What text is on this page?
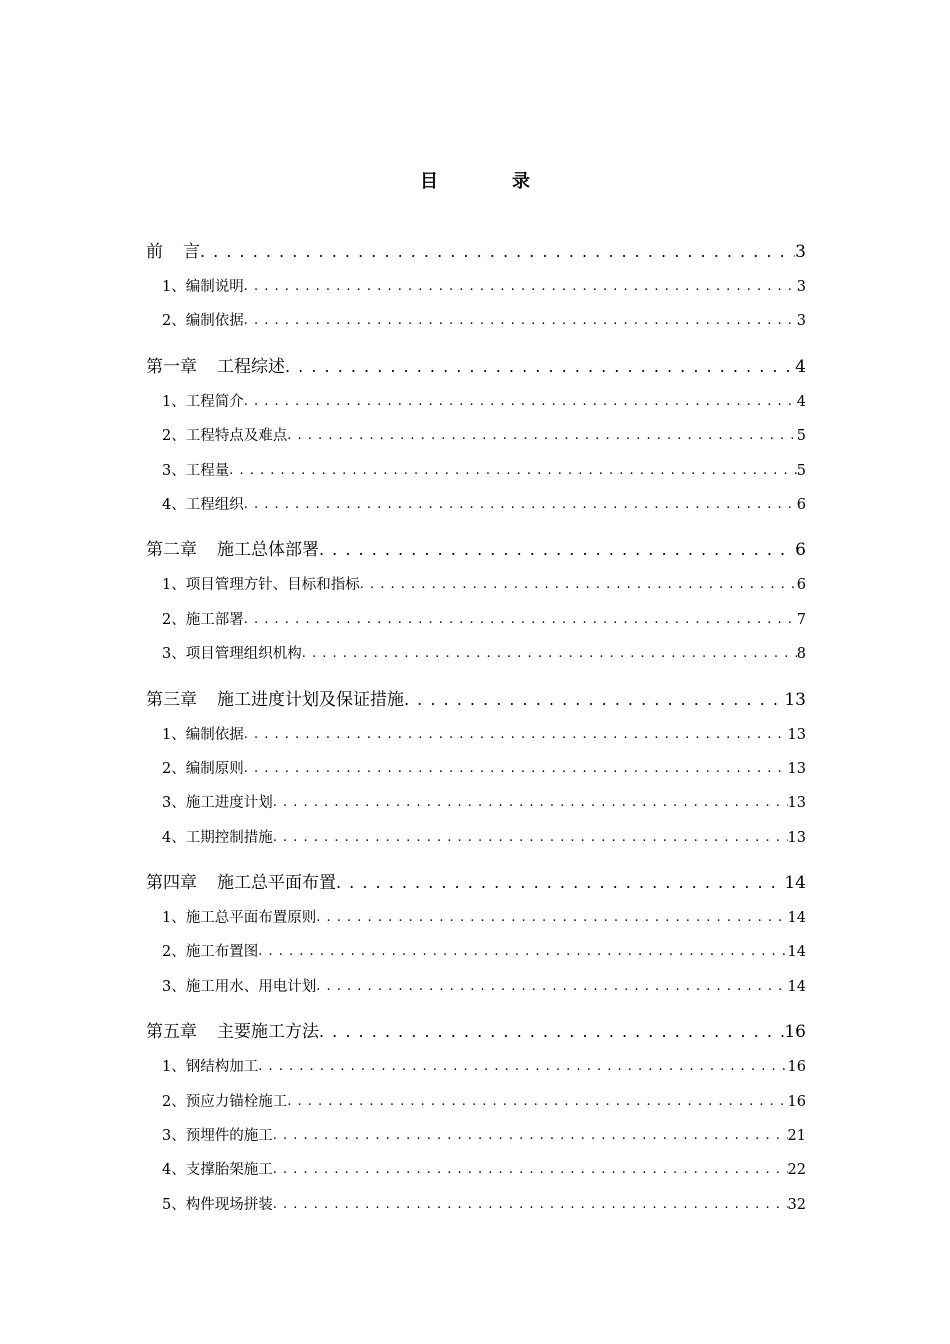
目　录
前 言 . . .	3
1、编制说明 . . .	3
2、编制依据 . . .	3
第一章 工程综述 . . .	4
1、工程简介 . . .	4
2、工程特点及难点 . . .	5
3、工程量 . . .	5
4、工程组织 . . .	6
第二章 施工总体部署 . . .	6
1、项目管理方针、目标和指标 . . .	6
2、施工部署 . . .	7
3、项目管理组织机构 . . .	8
第三章 施工进度计划及保证措施 . . .	13
1、编制依据 . . .	13
2、编制原则 . . .	13
3、施工进度计划 . . .	13
4、工期控制措施 . . .	13
第四章 施工总平面布置 . . .	14
1、施工总平面布置原则 . . .	14
2、施工布置图 . . .	14
3、施工用水、用电计划 . . .	14
第五章 主要施工方法 . . .	16
1、钢结构加工 . . .	16
2、预应力锚栓施工 . . .	16
3、预埋件的施工 . . .	21
4、支撑胎架施工 . . .	22
5、构件现场拼装 . . .	32
